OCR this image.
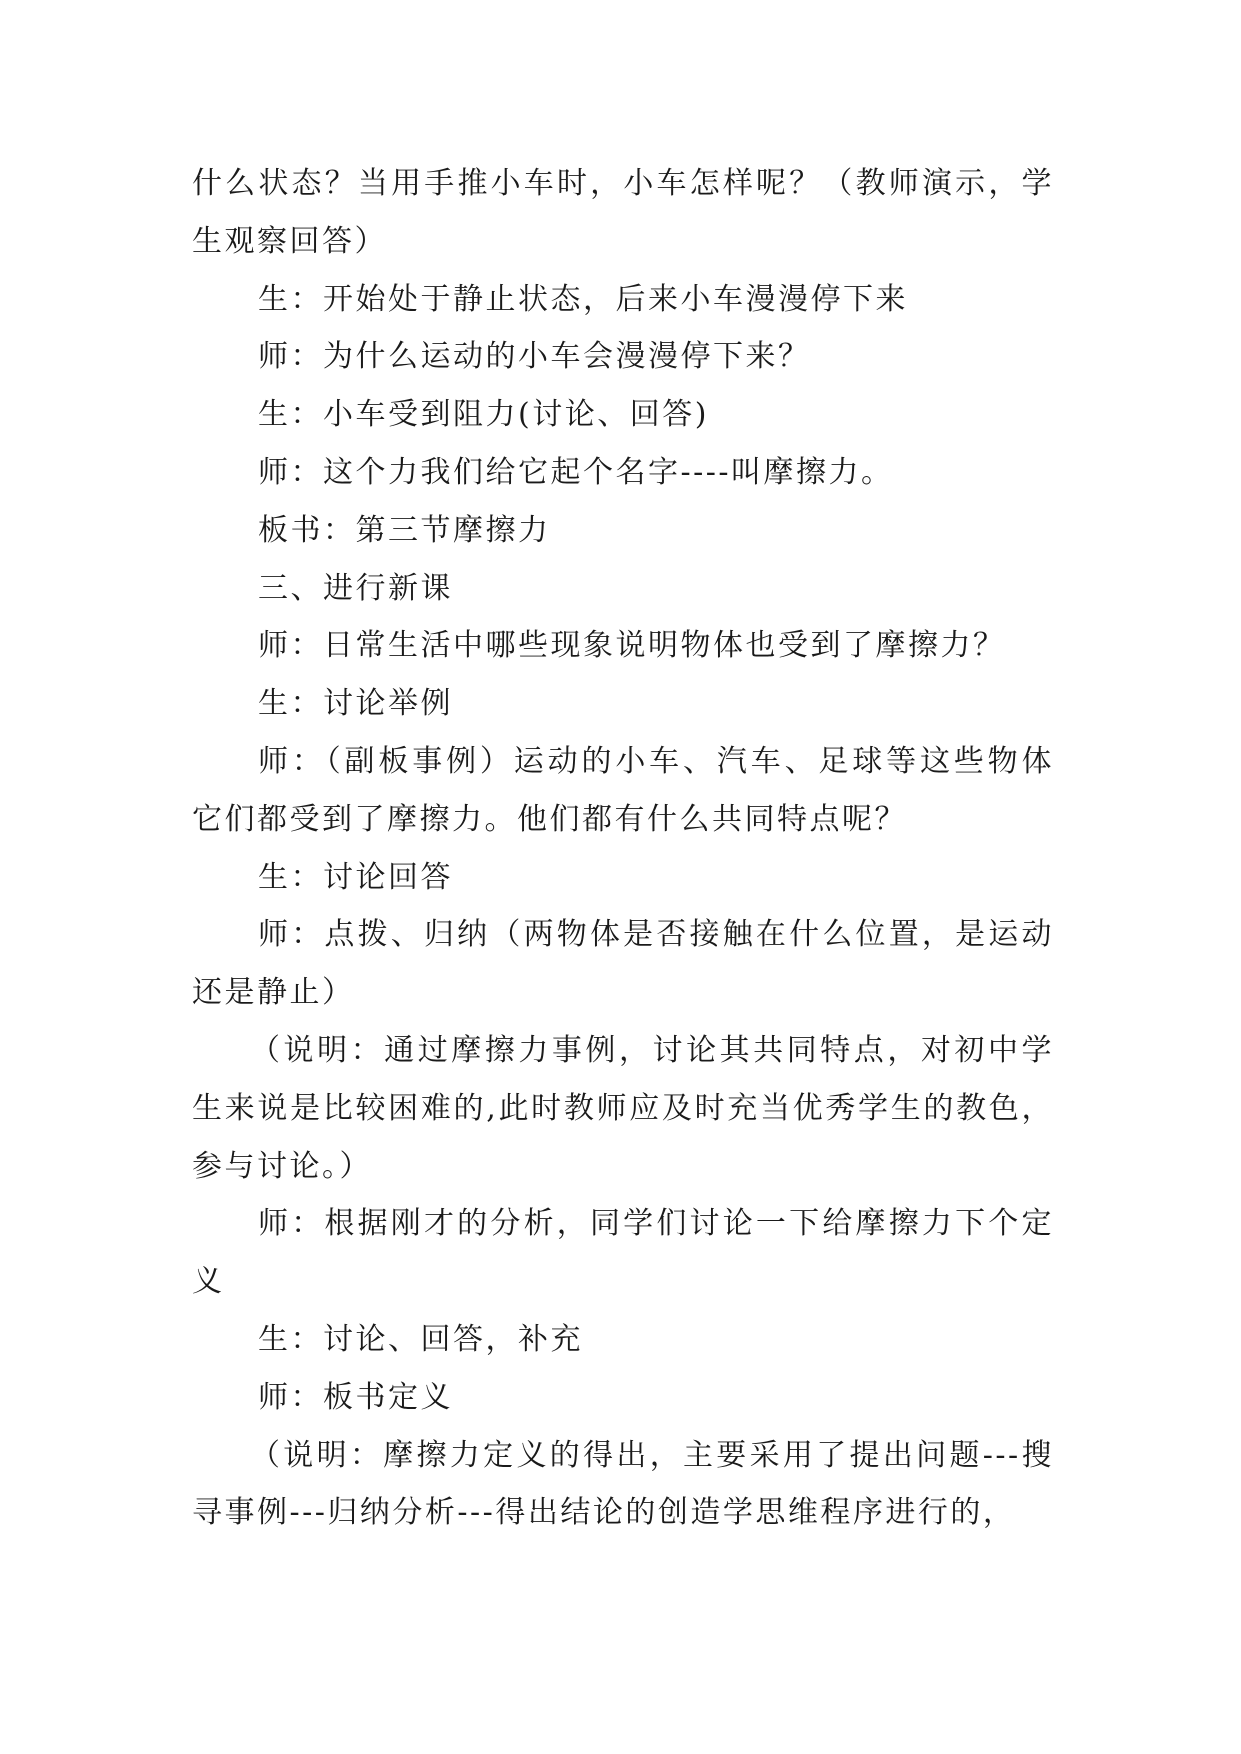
什么状态？当用手推小车时，小车怎样呢？（教师演示，学生观察回答）

生：开始处于静止状态，后来小车漫漫停下来

师：为什么运动的小车会漫漫停下来？

生：小车受到阻力(讨论、回答)

师：这个力我们给它起个名字----叫摩擦力。

板书：第三节摩擦力

三、进行新课

师：日常生活中哪些现象说明物体也受到了摩擦力？

生：讨论举例

师：（副板事例）运动的小车、汽车、足球等这些物体它们都受到了摩擦力。他们都有什么共同特点呢？

生：讨论回答

师：点拨、归纳（两物体是否接触在什么位置，是运动还是静止）

（说明：通过摩擦力事例，讨论其共同特点，对初中学生来说是比较困难的,此时教师应及时充当优秀学生的教色，参与讨论。）

师：根据刚才的分析，同学们讨论一下给摩擦力下个定义

生：讨论、回答，补充

师：板书定义

（说明：摩擦力定义的得出，主要采用了提出问题---搜寻事例---归纳分析---得出结论的创造学思维程序进行的，
